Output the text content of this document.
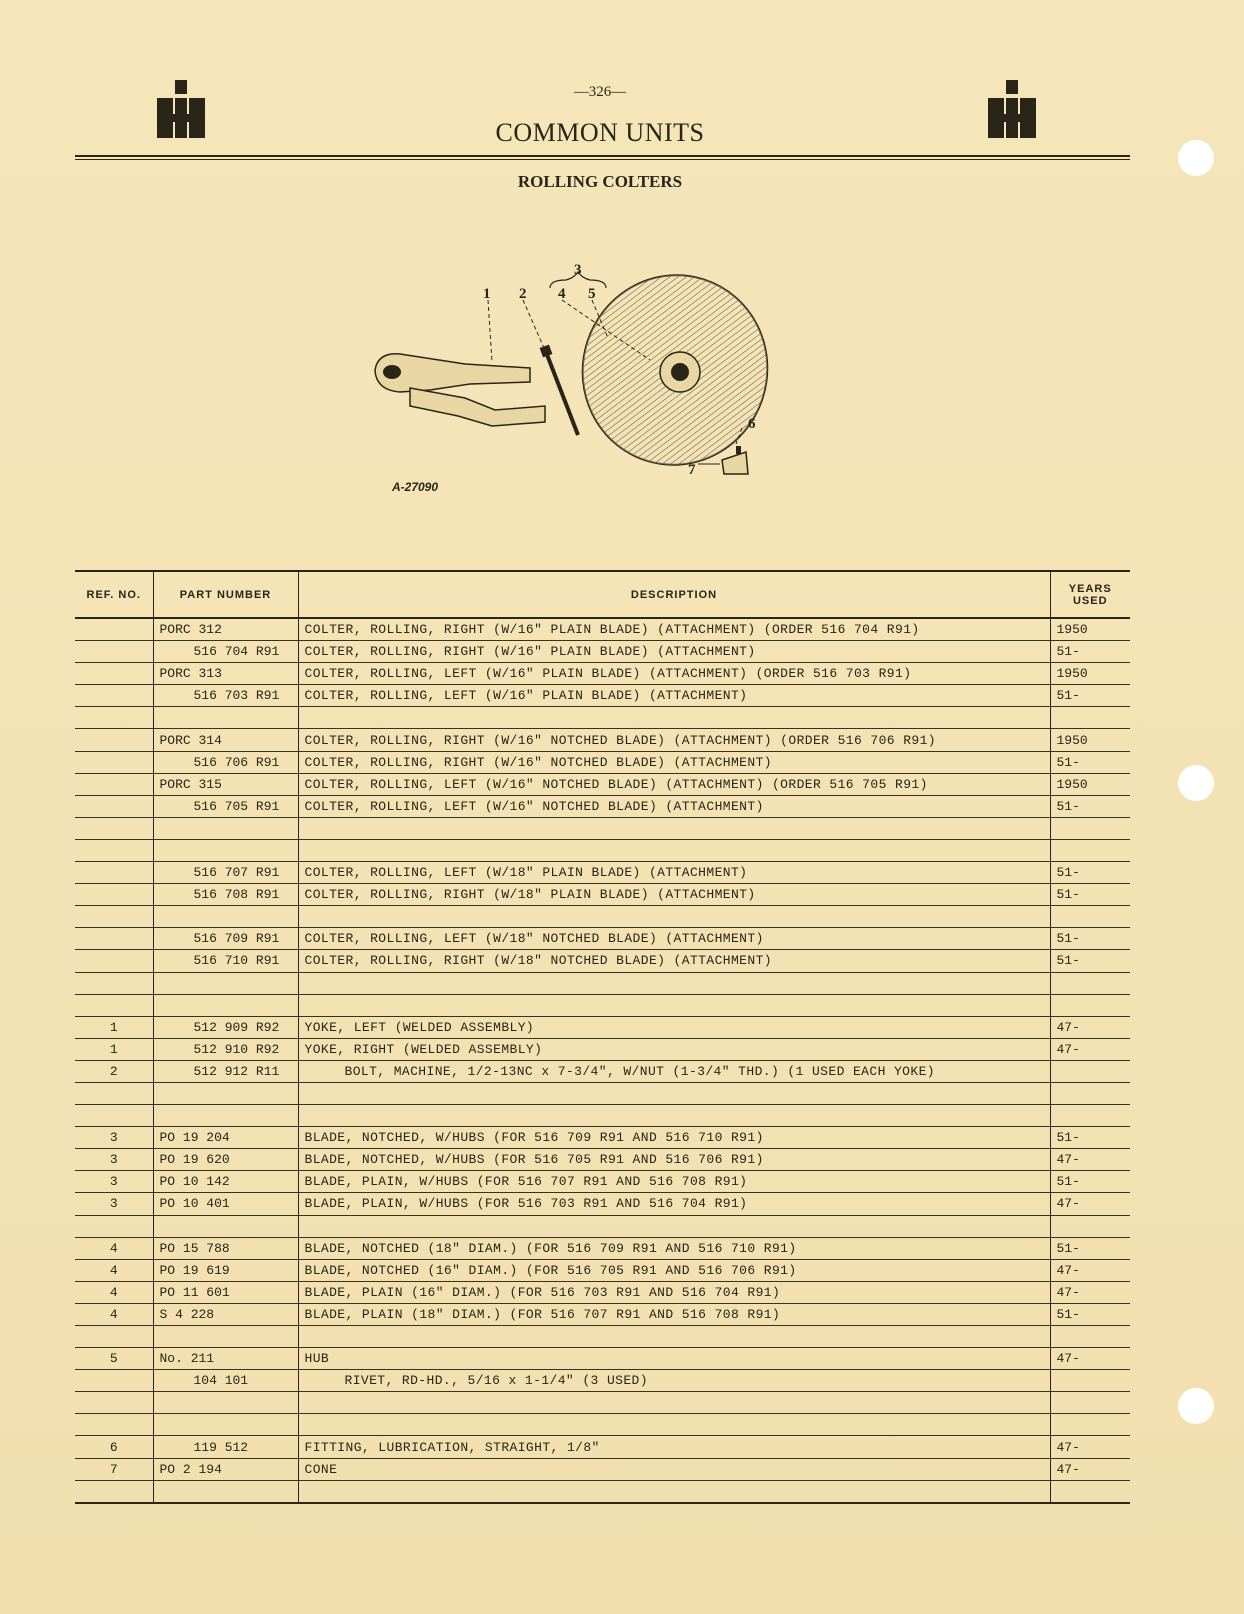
—326—
COMMON UNITS
ROLLING COLTERS
1 2
3
4 5
6
7
A-27090
REF. NO.	PART NUMBER	DESCRIPTION	YEARS
USED

	PORC 312	COLTER, ROLLING, RIGHT (W/16" PLAIN BLADE) (ATTACHMENT) (ORDER 516 704 R91)	1950
	516 704 R91	COLTER, ROLLING, RIGHT (W/16" PLAIN BLADE) (ATTACHMENT)	51-
	PORC 313	COLTER, ROLLING, LEFT (W/16" PLAIN BLADE) (ATTACHMENT) (ORDER 516 703 R91)	1950
	516 703 R91	COLTER, ROLLING, LEFT (W/16" PLAIN BLADE) (ATTACHMENT)	51-

	PORC 314	COLTER, ROLLING, RIGHT (W/16" NOTCHED BLADE) (ATTACHMENT) (ORDER 516 706 R91)	1950
	516 706 R91	COLTER, ROLLING, RIGHT (W/16" NOTCHED BLADE) (ATTACHMENT)	51-
	PORC 315	COLTER, ROLLING, LEFT (W/16" NOTCHED BLADE) (ATTACHMENT) (ORDER 516 705 R91)	1950
	516 705 R91	COLTER, ROLLING, LEFT (W/16" NOTCHED BLADE) (ATTACHMENT)	51-

	516 707 R91	COLTER, ROLLING, LEFT (W/18" PLAIN BLADE) (ATTACHMENT)	51-
	516 708 R91	COLTER, ROLLING, RIGHT (W/18" PLAIN BLADE) (ATTACHMENT)	51-

	516 709 R91	COLTER, ROLLING, LEFT (W/18" NOTCHED BLADE) (ATTACHMENT)	51-
	516 710 R91	COLTER, ROLLING, RIGHT (W/18" NOTCHED BLADE) (ATTACHMENT)	51-

1	512 909 R92	YOKE, LEFT (WELDED ASSEMBLY)	47-
1	512 910 R92	YOKE, RIGHT (WELDED ASSEMBLY)	47-
2	512 912 R11	BOLT, MACHINE, 1/2-13NC x 7-3/4", W/NUT (1-3/4" THD.) (1 USED EACH YOKE)	

3	PO 19 204	BLADE, NOTCHED, W/HUBS (FOR 516 709 R91 AND 516 710 R91)	51-
3	PO 19 620	BLADE, NOTCHED, W/HUBS (FOR 516 705 R91 AND 516 706 R91)	47-
3	PO 10 142	BLADE, PLAIN, W/HUBS (FOR 516 707 R91 AND 516 708 R91)	51-
3	PO 10 401	BLADE, PLAIN, W/HUBS (FOR 516 703 R91 AND 516 704 R91)	47-

4	PO 15 788	BLADE, NOTCHED (18" DIAM.) (FOR 516 709 R91 AND 516 710 R91)	51-
4	PO 19 619	BLADE, NOTCHED (16" DIAM.) (FOR 516 705 R91 AND 516 706 R91)	47-
4	PO 11 601	BLADE, PLAIN (16" DIAM.) (FOR 516 703 R91 AND 516 704 R91)	47-
4	S 4 228	BLADE, PLAIN (18" DIAM.) (FOR 516 707 R91 AND 516 708 R91)	51-

5	No. 211	HUB	47-
	104 101	RIVET, RD-HD., 5/16 x 1-1/4" (3 USED)	

6	119 512	FITTING, LUBRICATION, STRAIGHT, 1/8"	47-
7	PO 2 194	CONE	47-
